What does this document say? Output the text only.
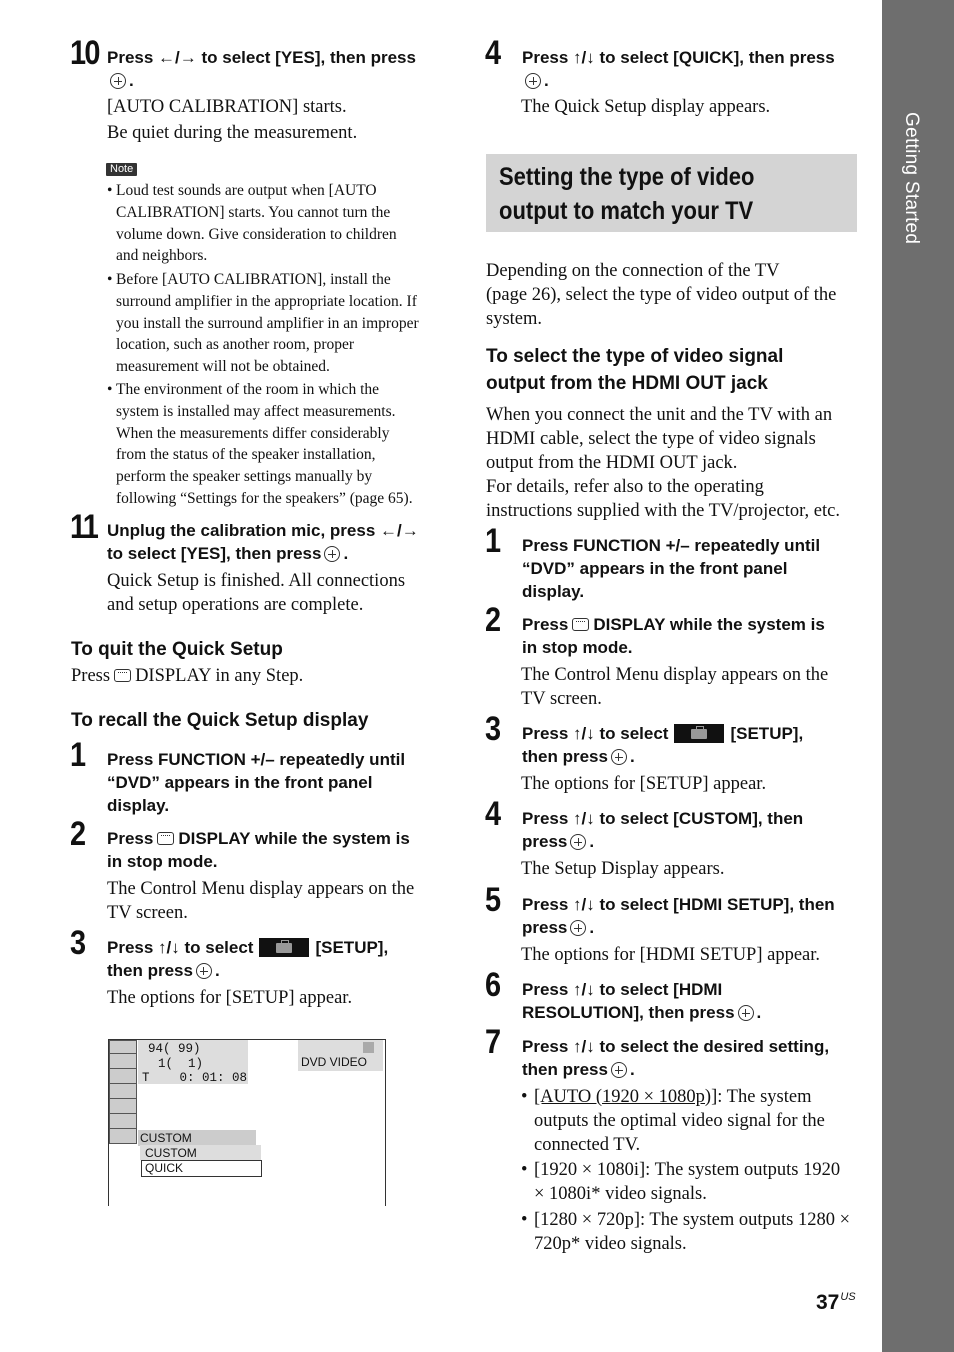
Getting Started
10 Press ←/→ to select [YES], then press
.
[AUTO CALIBRATION] starts.
Be quiet during the measurement.
Note
• Loud test sounds are output when [AUTO
CALIBRATION] starts. You cannot turn the
volume down. Give consideration to children
and neighbors.
• Before [AUTO CALIBRATION], install the
surround amplifier in the appropriate location. If
you install the surround amplifier in an improper
location, such as another room, proper
measurement will not be obtained.
• The environment of the room in which the
system is installed may affect measurements.
When the measurements differ considerably
from the status of the speaker installation,
perform the speaker settings manually by
following “Settings for the speakers” (page 65).
11 Unplug the calibration mic, press ←/→
to select [YES], then press .
Quick Setup is finished. All connections
and setup operations are complete.
To quit the Quick Setup
Press DISPLAY in any Step.
To recall the Quick Setup display
1 Press FUNCTION +/– repeatedly until
“DVD” appears in the front panel
display.
2 Press DISPLAY while the system is
in stop mode.
The Control Menu display appears on the
TV screen.
3 Press ↑/↓ to select	[SETUP],
then press .
The options for [SETUP] appear.
94( 99)
1(  1)
T    0: 01: 08
DVD VIDEO
CUSTOM
CUSTOM
QUICK
4 Press ↑/↓ to select [QUICK], then press
.
The Quick Setup display appears.
Setting the type of video
output to match your TV
Depending on the connection of the TV
(page 26), select the type of video output of the
system.
To select the type of video signal
output from the HDMI OUT jack
When you connect the unit and the TV with an
HDMI cable, select the type of video signals
output from the HDMI OUT jack.
For details, refer also to the operating
instructions supplied with the TV/projector, etc.
1 Press FUNCTION +/– repeatedly until
“DVD” appears in the front panel
display.
2 Press DISPLAY while the system is
in stop mode.
The Control Menu display appears on the
TV screen.
3 Press ↑/↓ to select	[SETUP],
then press .
The options for [SETUP] appear.
4 Press ↑/↓ to select [CUSTOM], then
press .
The Setup Display appears.
5 Press ↑/↓ to select [HDMI SETUP], then
press .
The options for [HDMI SETUP] appear.
6 Press ↑/↓ to select [HDMI
RESOLUTION], then press .
7 Press ↑/↓ to select the desired setting,
then press .
• [AUTO (1920 × 1080p)]: The system
outputs the optimal video signal for the
connected TV.
• [1920 × 1080i]: The system outputs 1920
× 1080i* video signals.
• [1280 × 720p]: The system outputs 1280 ×
720p* video signals.
$37^{US}$
